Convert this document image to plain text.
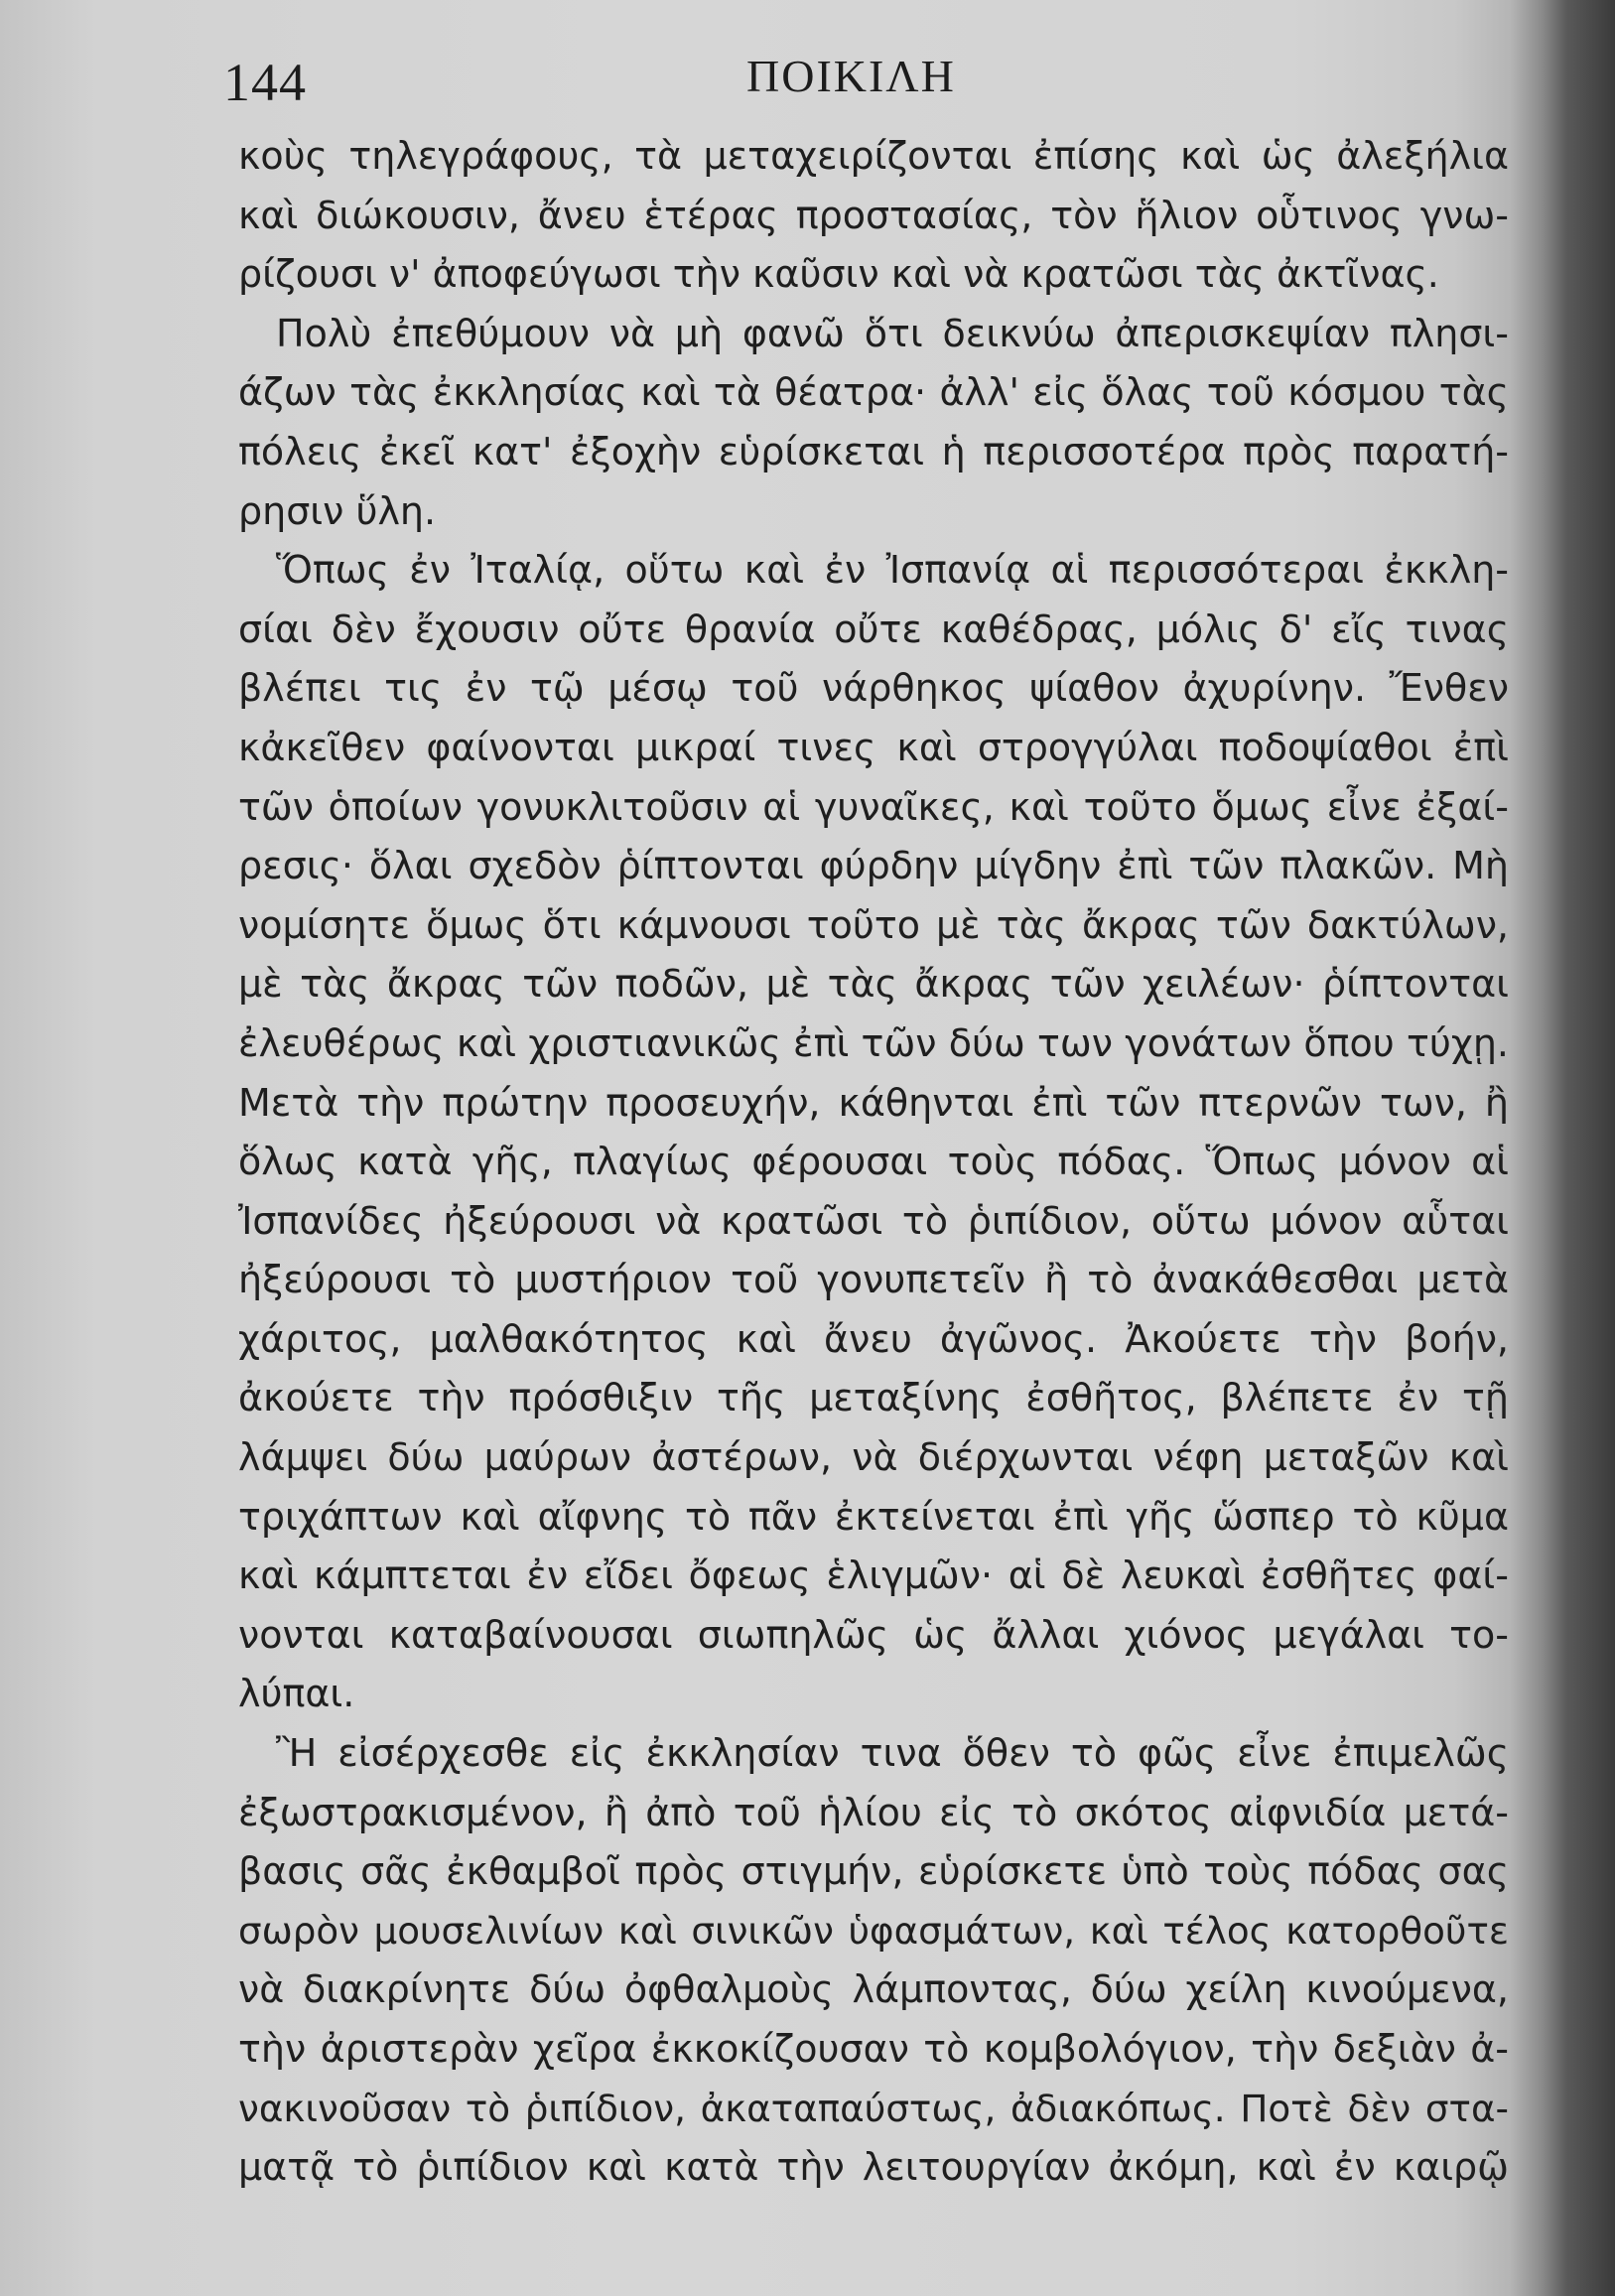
144	ΠΟΙΚΙΛΗ
κοὺς τηλεγράφους, τὰ μεταχειρίζονται ἐπίσης καὶ ὡς ἀλεξήλια
καὶ διώκουσιν, ἄνευ ἑτέρας προστασίας, τὸν ἥλιον οὗτινος γνω-
ρίζουσι ν' ἀποφεύγωσι τὴν καῦσιν καὶ νὰ κρατῶσι τὰς ἀκτῖνας.
Πολὺ ἐπεθύμουν νὰ μὴ φανῶ ὅτι δεικνύω ἀπερισκεψίαν πλησι-
άζων τὰς ἐκκλησίας καὶ τὰ θέατρα· ἀλλ' εἰς ὅλας τοῦ κόσμου τὰς
πόλεις ἐκεῖ κατ' ἐξοχὴν εὑρίσκεται ἡ περισσοτέρα πρὸς παρατή-
ρησιν ὕλη.
Ὅπως ἐν Ἰταλίᾳ, οὕτω καὶ ἐν Ἰσπανίᾳ αἱ περισσότεραι ἐκκλη-
σίαι δὲν ἔχουσιν οὔτε θρανία οὔτε καθέδρας, μόλις δ' εἴς τινας
βλέπει τις ἐν τῷ μέσῳ τοῦ νάρθηκος ψίαθον ἀχυρίνην. Ἔνθεν
κἀκεῖθεν φαίνονται μικραί τινες καὶ στρογγύλαι ποδοψίαθοι ἐπὶ
τῶν ὁποίων γονυκλιτοῦσιν αἱ γυναῖκες, καὶ τοῦτο ὅμως εἶνε ἐξαί-
ρεσις· ὅλαι σχεδὸν ῥίπτονται φύρδην μίγδην ἐπὶ τῶν πλακῶν. Μὴ
νομίσητε ὅμως ὅτι κάμνουσι τοῦτο μὲ τὰς ἄκρας τῶν δακτύλων,
μὲ τὰς ἄκρας τῶν ποδῶν, μὲ τὰς ἄκρας τῶν χειλέων· ῥίπτονται
ἐλευθέρως καὶ χριστιανικῶς ἐπὶ τῶν δύω των γονάτων ὅπου τύχῃ.
Μετὰ τὴν πρώτην προσευχήν, κάθηνται ἐπὶ τῶν πτερνῶν των, ἢ
ὅλως κατὰ γῆς, πλαγίως φέρουσαι τοὺς πόδας. Ὅπως μόνον αἱ
Ἰσπανίδες ἠξεύρουσι νὰ κρατῶσι τὸ ῥιπίδιον, οὕτω μόνον αὗται
ἠξεύρουσι τὸ μυστήριον τοῦ γονυπετεῖν ἢ τὸ ἀνακάθεσθαι μετὰ
χάριτος, μαλθακότητος καὶ ἄνευ ἀγῶνος. Ἀκούετε τὴν βοήν,
ἀκούετε τὴν πρόσθιξιν τῆς μεταξίνης ἐσθῆτος, βλέπετε ἐν τῇ
λάμψει δύω μαύρων ἀστέρων, νὰ διέρχωνται νέφη μεταξῶν καὶ
τριχάπτων καὶ αἴφνης τὸ πᾶν ἐκτείνεται ἐπὶ γῆς ὥσπερ τὸ κῦμα
καὶ κάμπτεται ἐν εἴδει ὄφεως ἑλιγμῶν· αἱ δὲ λευκαὶ ἐσθῆτες φαί-
νονται καταβαίνουσαι σιωπηλῶς ὡς ἄλλαι χιόνος μεγάλαι το-
λύπαι.
Ἢ εἰσέρχεσθε εἰς ἐκκλησίαν τινα ὅθεν τὸ φῶς εἶνε ἐπιμελῶς
ἐξωστρακισμένον, ἢ ἀπὸ τοῦ ἡλίου εἰς τὸ σκότος αἰφνιδία μετά-
βασις σᾶς ἐκθαμβοῖ πρὸς στιγμήν, εὑρίσκετε ὑπὸ τοὺς πόδας σας
σωρὸν μουσελινίων καὶ σινικῶν ὑφασμάτων, καὶ τέλος κατορθοῦτε
νὰ διακρίνητε δύω ὀφθαλμοὺς λάμποντας, δύω χείλη κινούμενα,
τὴν ἀριστερὰν χεῖρα ἐκκοκίζουσαν τὸ κομβολόγιον, τὴν δεξιὰν ἀ-
νακινοῦσαν τὸ ῥιπίδιον, ἀκαταπαύστως, ἀδιακόπως. Ποτὲ δὲν στα-
ματᾷ τὸ ῥιπίδιον καὶ κατὰ τὴν λειτουργίαν ἀκόμη, καὶ ἐν καιρῷ
